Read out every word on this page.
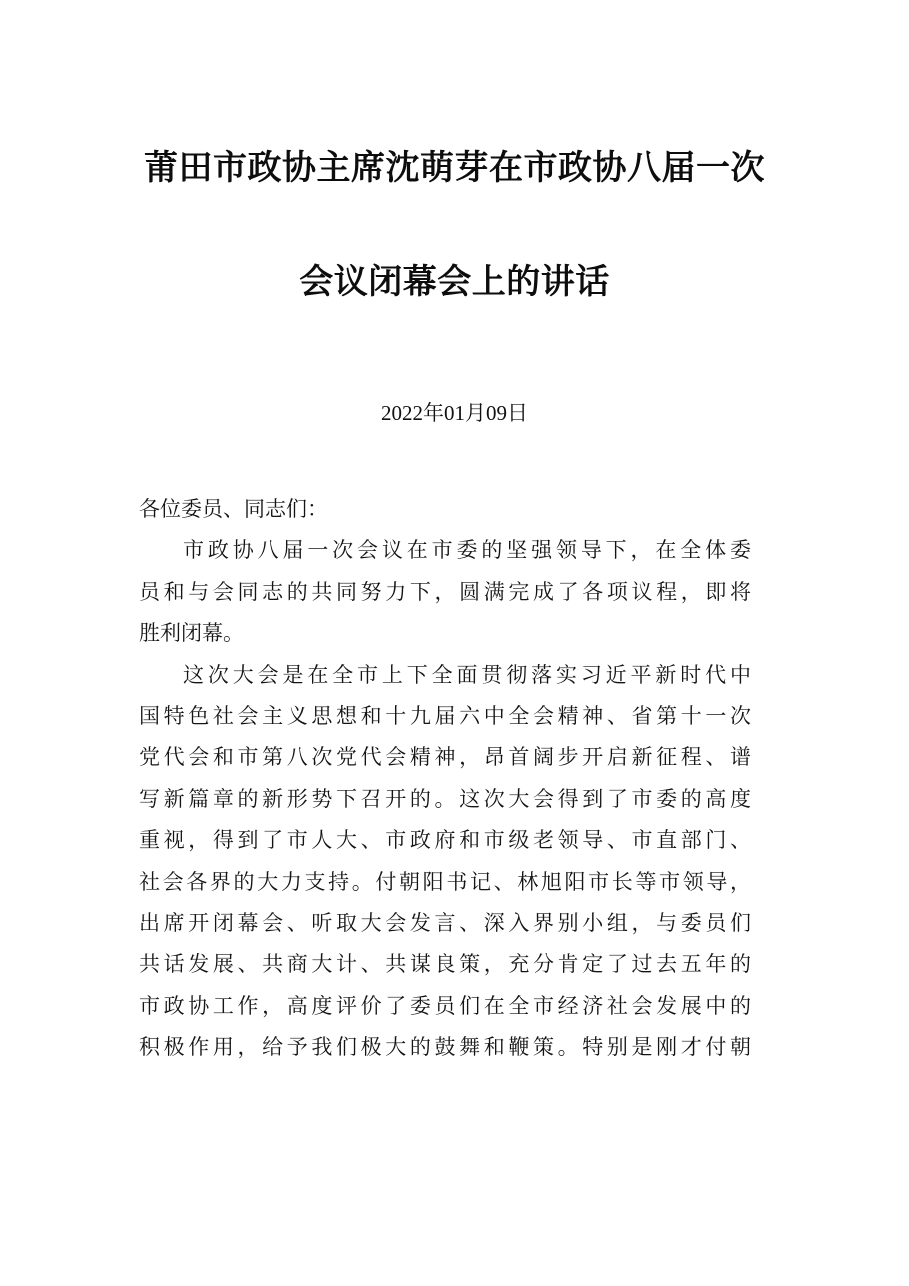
莆田市政协主席沈萌芽在市政协八届一次
会议闭幕会上的讲话
2022年01月09日
各位委员、同志们：
市政协八届一次会议在市委的坚强领导下，在全体委
员和与会同志的共同努力下，圆满完成了各项议程，即将
胜利闭幕。
这次大会是在全市上下全面贯彻落实习近平新时代中
国特色社会主义思想和十九届六中全会精神、省第十一次
党代会和市第八次党代会精神，昂首阔步开启新征程、谱
写新篇章的新形势下召开的。这次大会得到了市委的高度
重视，得到了市人大、市政府和市级老领导、市直部门、
社会各界的大力支持。付朝阳书记、林旭阳市长等市领导，
出席开闭幕会、听取大会发言、深入界别小组，与委员们
共话发展、共商大计、共谋良策，充分肯定了过去五年的
市政协工作，高度评价了委员们在全市经济社会发展中的
积极作用，给予我们极大的鼓舞和鞭策。特别是刚才付朝
